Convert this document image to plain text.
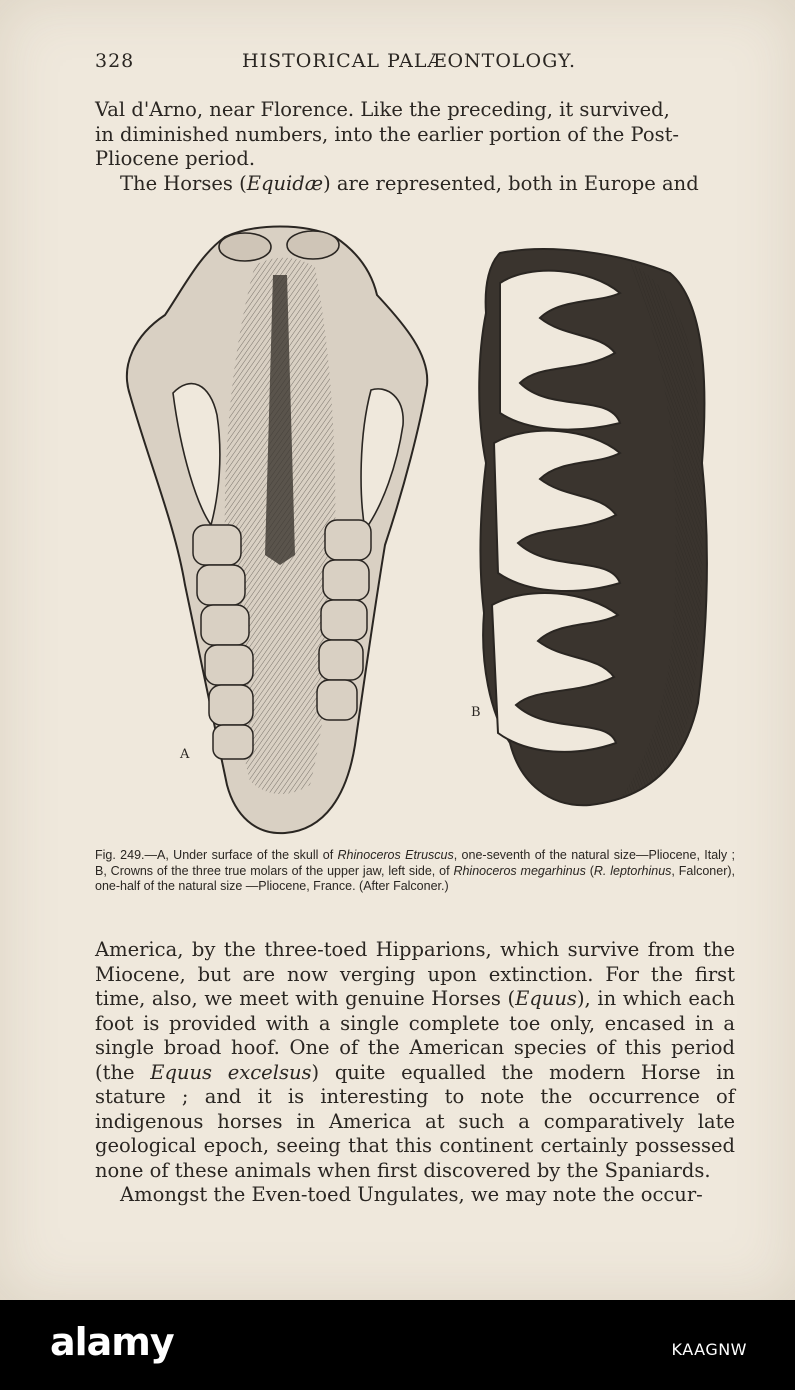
328	HISTORICAL PALÆONTOLOGY.

Val d'Arno, near Florence. Like the preceding, it survived,

in diminished numbers, into the earlier portion of the Post-

Pliocene period.

The Horses (Equidæ) are represented, both in Europe and

A
B
Fig. 249.—A, Under surface of the skull of Rhinoceros Etruscus, one-seventh of the natural size—Pliocene, Italy ; B, Crowns of the three true molars of the upper jaw, left side, of Rhinoceros megarhinus (R. leptorhinus, Falconer), one-half of the natural size —Pliocene, France. (After Falconer.)

America, by the three-toed Hipparions, which survive from the Miocene, but are now verging upon extinction. For the first time, also, we meet with genuine Horses (Equus), in which each foot is provided with a single complete toe only, encased in a single broad hoof. One of the American species of this period (the Equus excelsus) quite equalled the modern Horse in stature ; and it is interesting to note the occurrence of indigenous horses in America at such a comparatively late geological epoch, seeing that this continent certainly possessed none of these animals when first discovered by the Spaniards.

Amongst the Even-toed Ungulates, we may note the occur-

alamy	KAAGNW
